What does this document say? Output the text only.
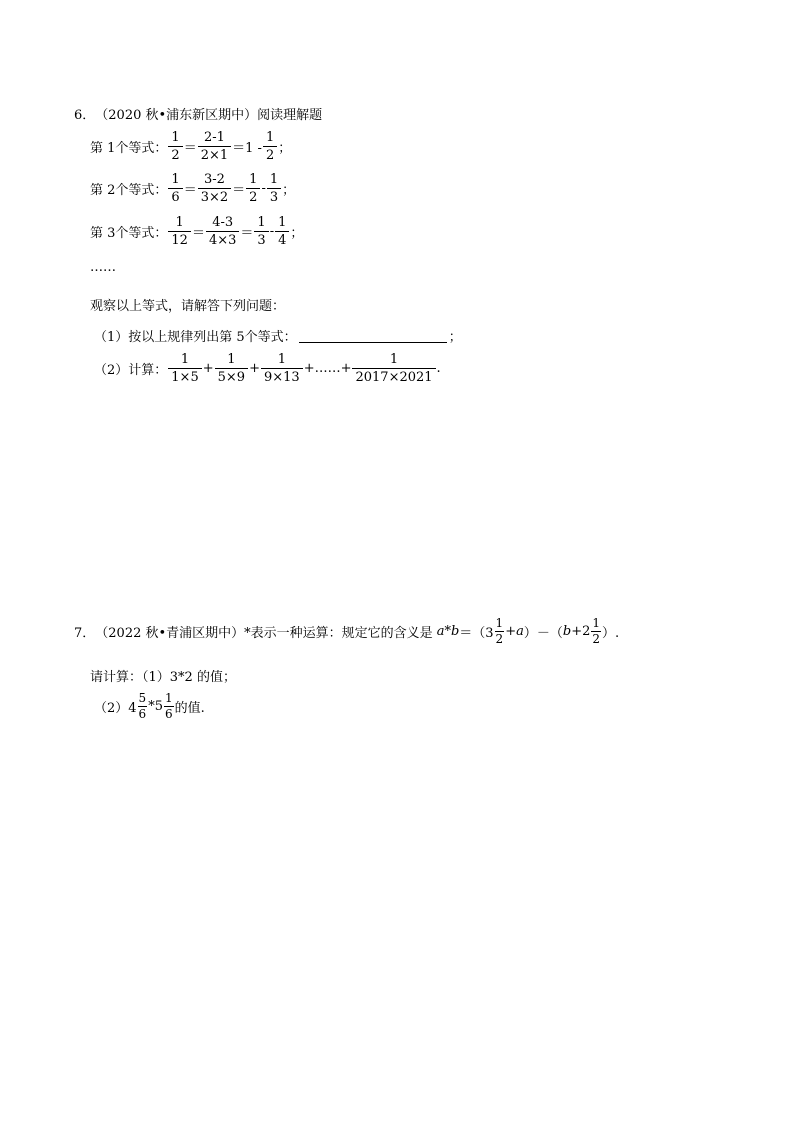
6． （2020 秋•浦东新区期中） 阅读理解题
第 1个等式： $\frac{1}{2} = \frac{2-1}{2\times 1} =1 - \frac{1}{2}$ ；
第 2个等式： $\frac{1}{6} = \frac{3-2}{3\times 2} = \frac{1}{2} - \frac{1}{3}$ ；
第 3个等式： $\frac{1}{12} = \frac{4-3}{4\times 3} = \frac{1}{3} - \frac{1}{4}$ ；
……
观察以上等式，请解答下列问题：
（1）按以上规律列出第 5个等式：	；
（2）计算： $\frac{1}{1\times 5} + \frac{1}{5\times 9} + \frac{1}{9\times 13}$ +……+ $\frac{1}{2017\times 2021}$ .
7． （2022 秋•青浦区期中） *表示一种运算：规定它的含义是 $a*b =(3 \frac{1}{2} +a$ ）－（ $b +2 \frac{1}{2}$ ）.
请计算：（1）3*2 的值；
$(2)4 \frac{5}{6} *5 \frac{1}{6}$ 的值.
